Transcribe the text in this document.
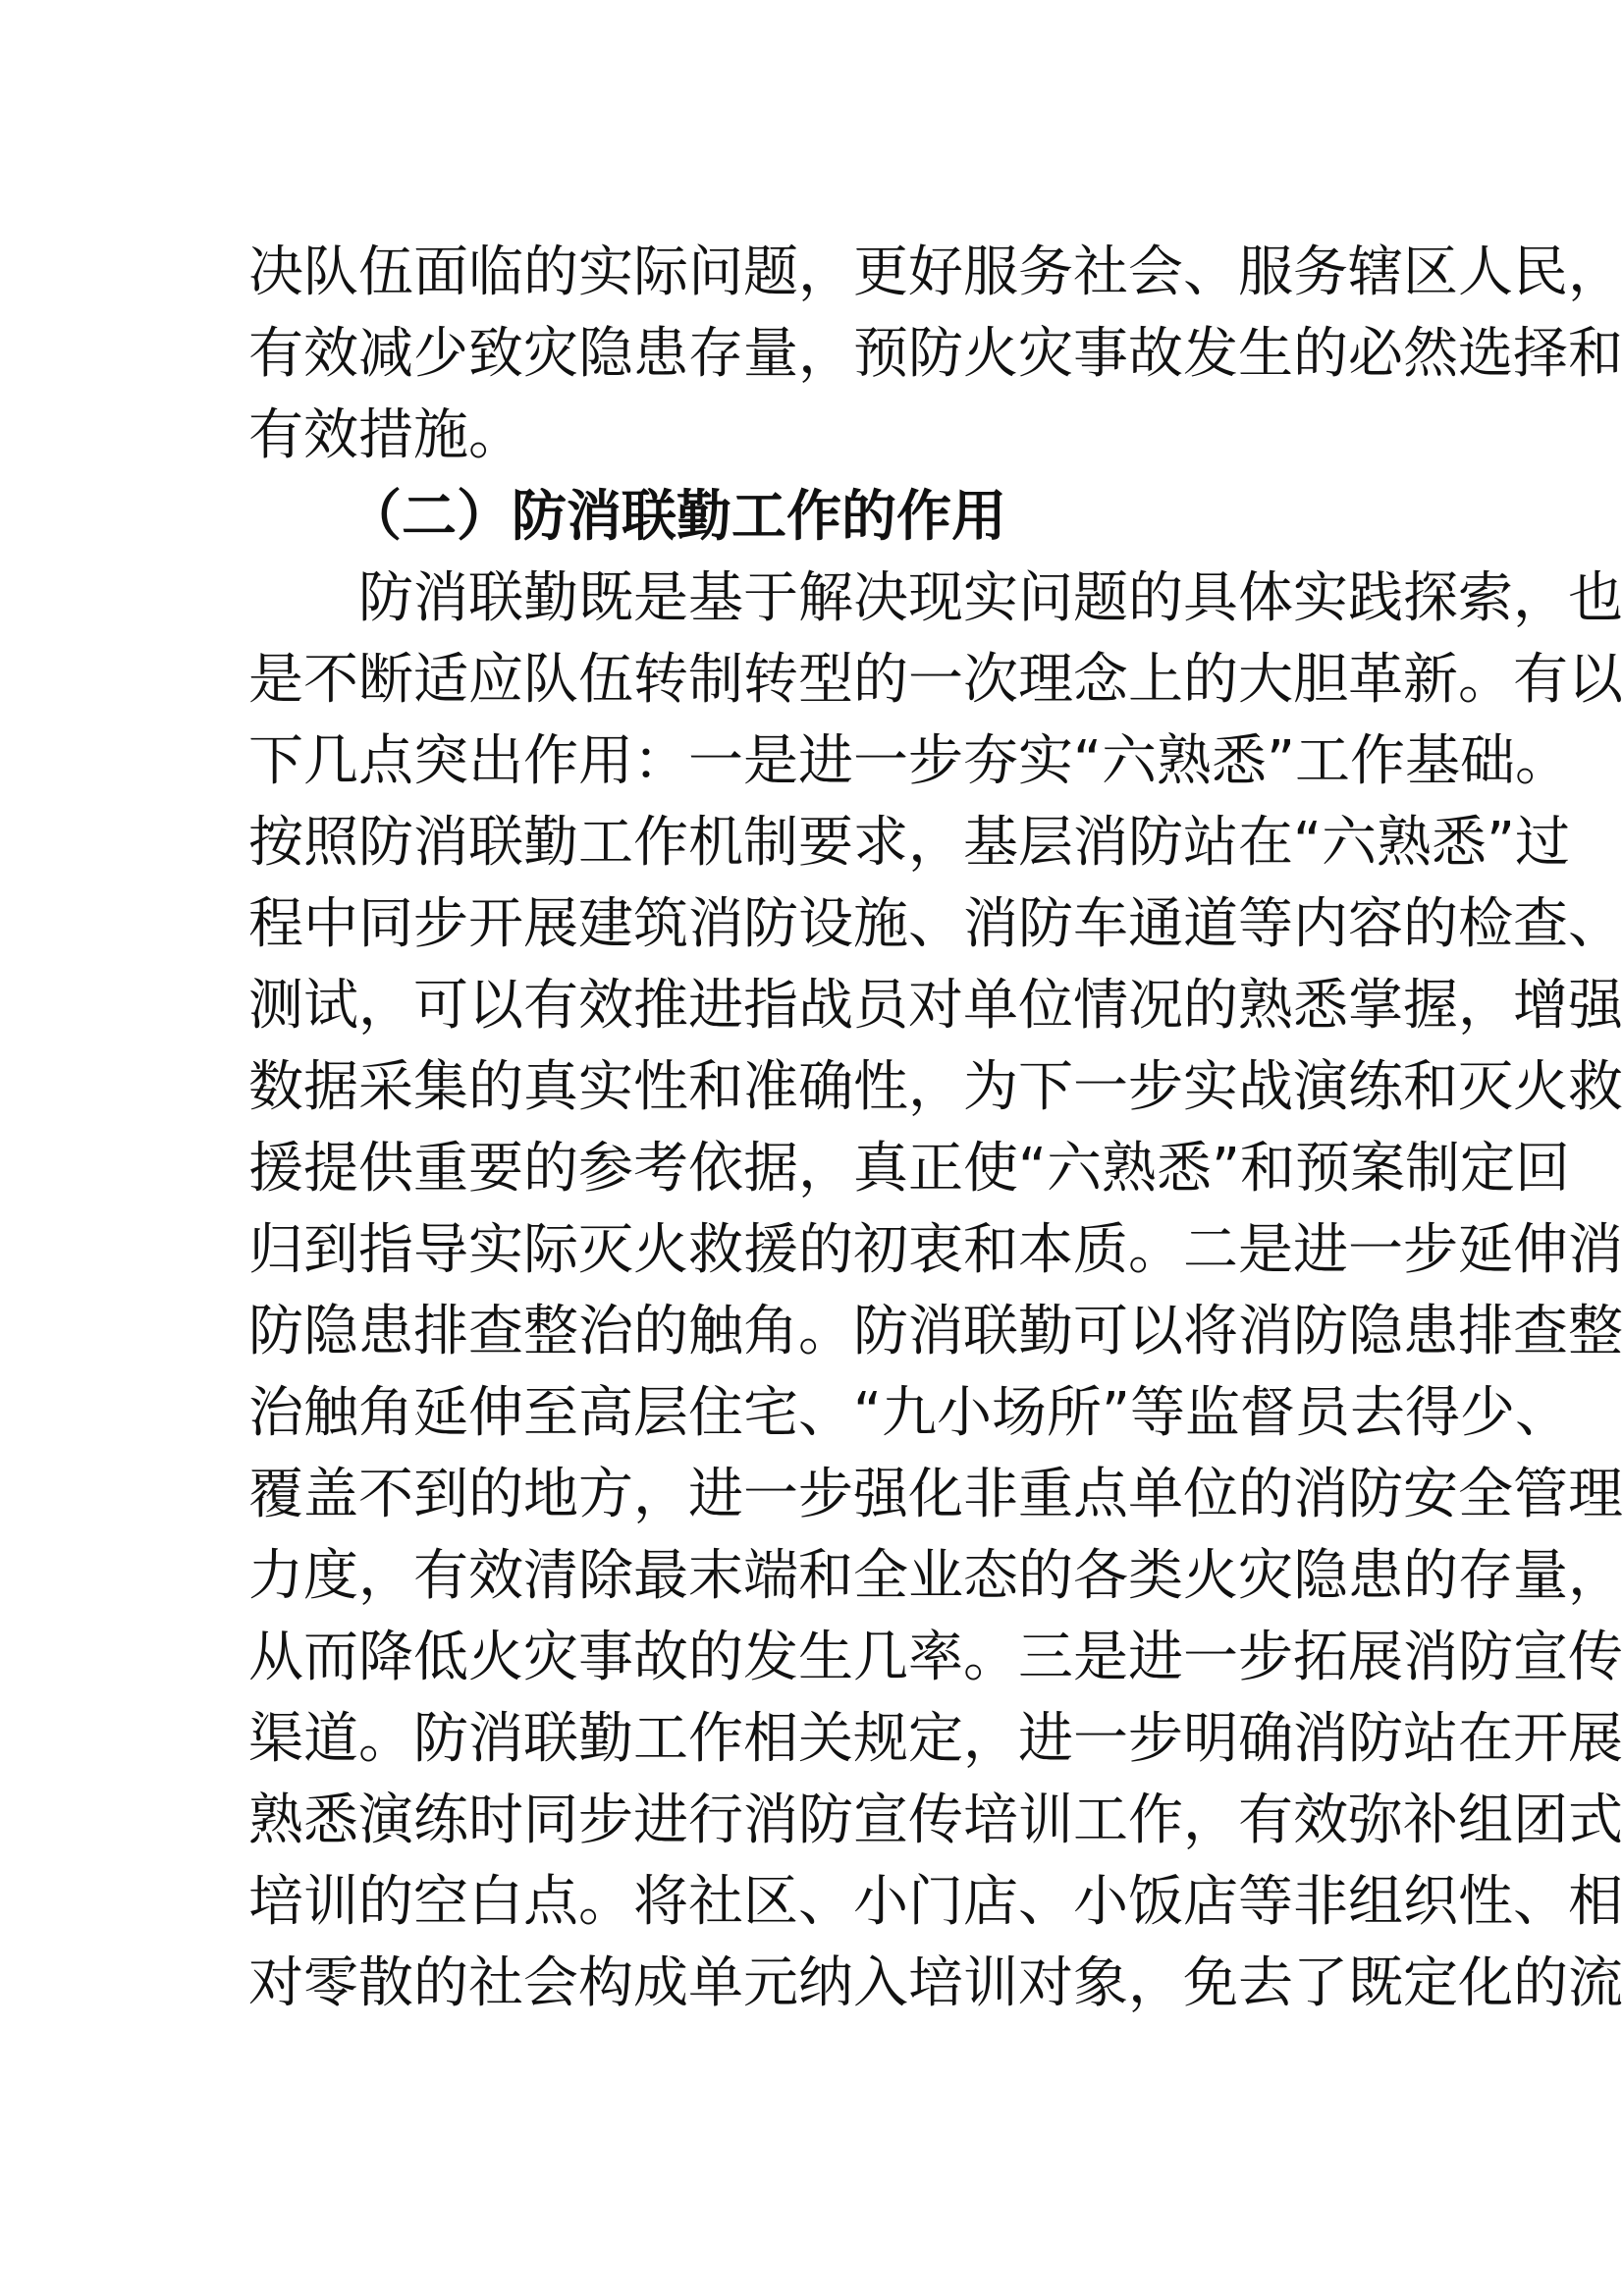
决队伍面临的实际问题，更好服务社会、服务辖区人民，
有效减少致灾隐患存量，预防火灾事故发生的必然选择和
有效措施。
（二）防消联勤工作的作用
防消联勤既是基于解决现实问题的具体实践探索，也
是不断适应队伍转制转型的一次理念上的大胆革新。有以
下几点突出作用：一是进一步夯实“六熟悉”工作基础。
按照防消联勤工作机制要求，基层消防站在“六熟悉”过
程中同步开展建筑消防设施、消防车通道等内容的检查、
测试，可以有效推进指战员对单位情况的熟悉掌握，增强
数据采集的真实性和准确性，为下一步实战演练和灭火救
援提供重要的参考依据，真正使“六熟悉”和预案制定回
归到指导实际灭火救援的初衷和本质。二是进一步延伸消
防隐患排查整治的触角。防消联勤可以将消防隐患排查整
治触角延伸至高层住宅、“九小场所”等监督员去得少、
覆盖不到的地方，进一步强化非重点单位的消防安全管理
力度，有效清除最末端和全业态的各类火灾隐患的存量，
从而降低火灾事故的发生几率。三是进一步拓展消防宣传
渠道。防消联勤工作相关规定，进一步明确消防站在开展
熟悉演练时同步进行消防宣传培训工作，有效弥补组团式
培训的空白点。将社区、小门店、小饭店等非组织性、相
对零散的社会构成单元纳入培训对象，免去了既定化的流
